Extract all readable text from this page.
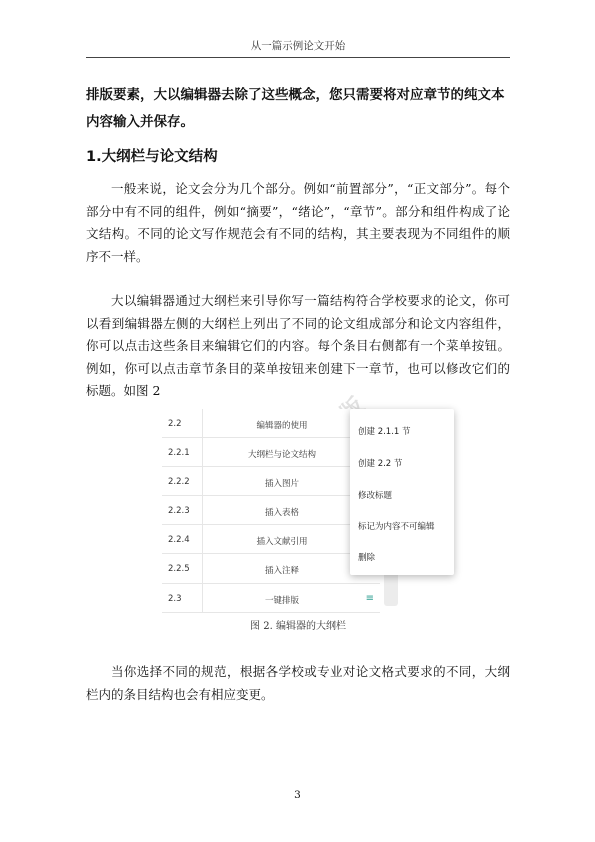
从一篇示例论文开始
排版要素，大以编辑器去除了这些概念，您只需要将对应章节的纯文本内容输入并保存。
1.大纲栏与论文结构
一般来说，论文会分为几个部分。例如“前置部分”，“正文部分”。每个部分中有不同的组件，例如“摘要”，“绪论”，“章节”。部分和组件构成了论文结构。不同的论文写作规范会有不同的结构，其主要表现为不同组件的顺序不一样。
大以编辑器通过大纲栏来引导你写一篇结构符合学校要求的论文，你可以看到编辑器左侧的大纲栏上列出了不同的论文组成部分和论文内容组件，你可以点击这些条目来编辑它们的内容。每个条目右侧都有一个菜单按钮。例如，你可以点击章节条目的菜单按钮来创建下一章节，也可以修改它们的标题。如图 2
2.2	编辑器的使用
2.2.1	大纲栏与论文结构
2.2.2	插入图片
2.2.3	插入表格
2.2.4	插入文献引用
2.2.5	插入注释
2.3	一键排版	≡
创建 2.1.1 节
创建 2.2 节
修改标题
标记为内容不可编辑
删除
图 2. 编辑器的大纲栏
当你选择不同的规范，根据各学校或专业对论文格式要求的不同，大纲栏内的条目结构也会有相应变更。
3
